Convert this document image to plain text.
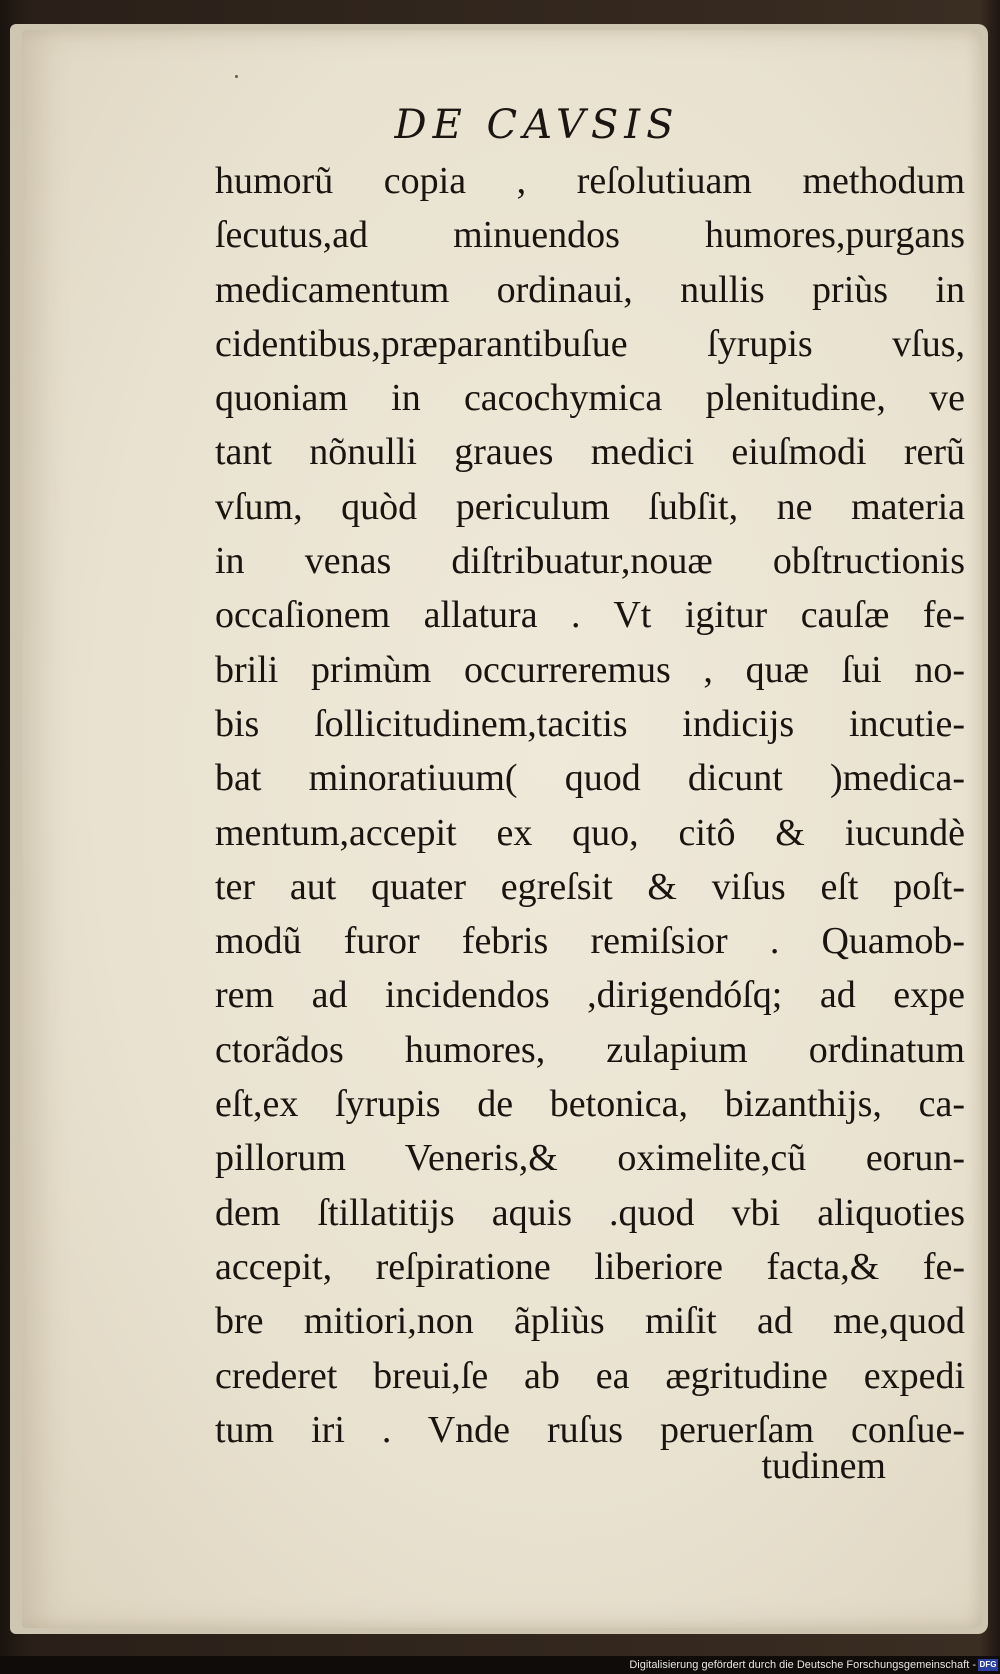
DE CAVSIS
humorũ copia , reſolutiuam methodum
ſecutus,ad minuendos humores,purgans
medicamentum ordinaui, nullis priùs in
cidentibus,præparantibuſue ſyrupis vſus,
quoniam in cacochymica plenitudine, ve
tant nõnulli graues medici eiuſmodi rerũ
vſum, quòd periculum ſubſit, ne materia
in venas diſtribuatur,nouæ obſtructionis
occaſionem allatura . Vt igitur cauſæ fe-
brili primùm occurreremus , quæ ſui no-
bis ſollicitudinem,tacitis indicijs incutie-
bat minoratiuum( quod dicunt )medica-
mentum,accepit ex quo, citô & iucundè
ter aut quater egreſsit & viſus eſt poſt-
modũ furor febris remiſsior . Quamob-
rem ad incidendos ,dirigendóſq; ad expe
ctorãdos humores, zulapium ordinatum
eſt,ex ſyrupis de betonica, bizanthijs, ca-
pillorum Veneris,& oximelite,cũ eorun-
dem ſtillatitijs aquis .quod vbi aliquoties
accepit, reſpiratione liberiore facta,& fe-
bre mitiori,non ãpliùs miſit ad me,quod
crederet breui,ſe ab ea ægritudine expedi
tum iri . Vnde ruſus peruerſam conſue-
tudinem
Digitalisierung gefördert durch die Deutsche Forschungsgemeinschaft - DFG
